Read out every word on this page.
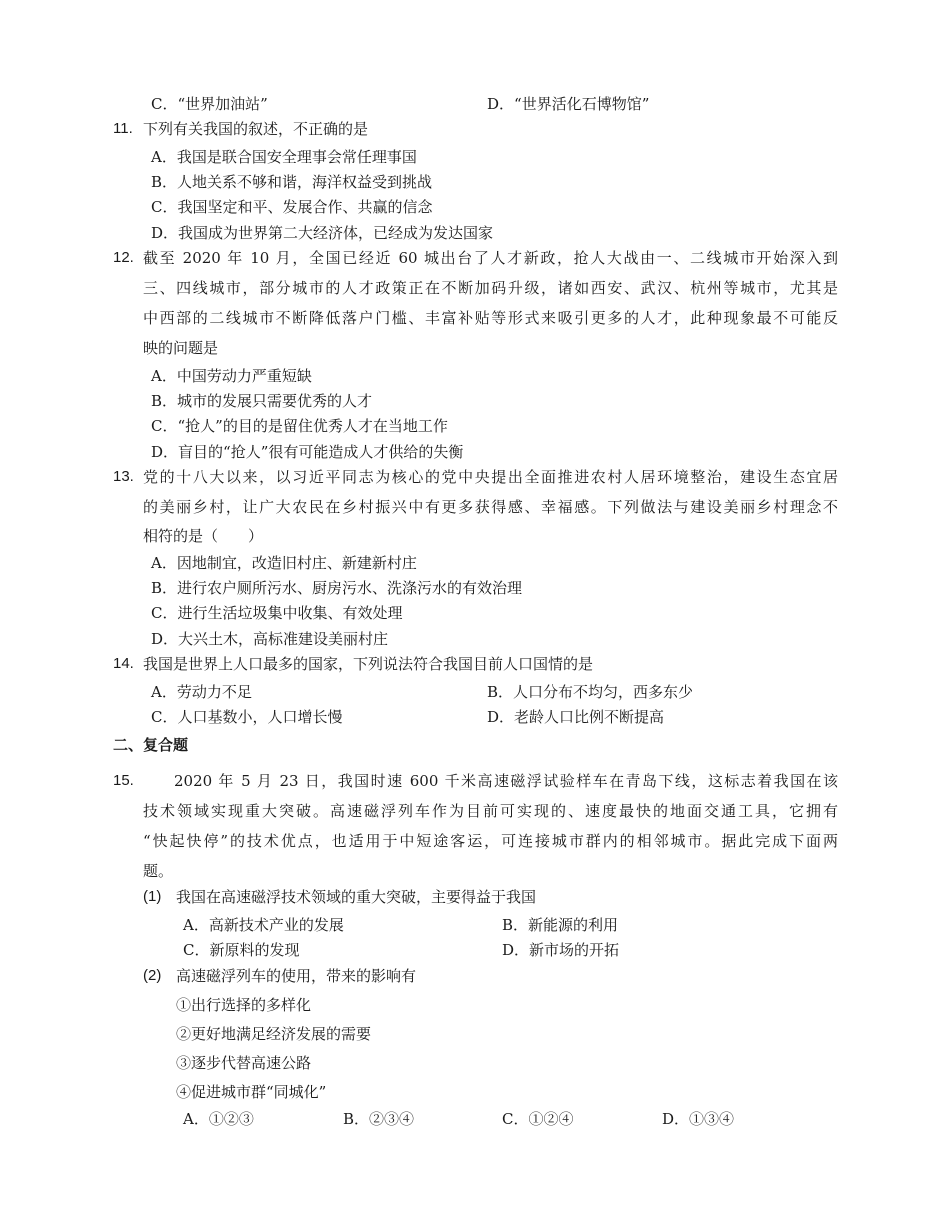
C．“世界加油站”	D．“世界活化石博物馆”
11. 下列有关我国的叙述，不正确的是
A．我国是联合国安全理事会常任理事国
B．人地关系不够和谐，海洋权益受到挑战
C．我国坚定和平、发展合作、共赢的信念
D．我国成为世界第二大经济体，已经成为发达国家
12. 截至 2020 年 10 月，全国已经近 60 城出台了人才新政，抢人大战由一、二线城市开始深入到
三、四线城市，部分城市的人才政策正在不断加码升级，诸如西安、武汉、杭州等城市，尤其是
中西部的二线城市不断降低落户门槛、丰富补贴等形式来吸引更多的人才，此种现象最不可能反
映的问题是
A．中国劳动力严重短缺
B．城市的发展只需要优秀的人才
C．“抢人”的目的是留住优秀人才在当地工作
D．盲目的“抢人”很有可能造成人才供给的失衡
13. 党的十八大以来，以习近平同志为核心的党中央提出全面推进农村人居环境整治，建设生态宜居
的美丽乡村，让广大农民在乡村振兴中有更多获得感、幸福感。下列做法与建设美丽乡村理念不
相符的是（　　）
A．因地制宜，改造旧村庄、新建新村庄
B．进行农户厕所污水、厨房污水、洗涤污水的有效治理
C．进行生活垃圾集中收集、有效处理
D．大兴土木，高标准建设美丽村庄
14. 我国是世界上人口最多的国家，下列说法符合我国目前人口国情的是
A．劳动力不足	B．人口分布不均匀，西多东少
C．人口基数小，人口增长慢	D．老龄人口比例不断提高
二、复合题
15.	2020 年 5 月 23 日，我国时速 600 千米高速磁浮试验样车在青岛下线，这标志着我国在该
技术领域实现重大突破。高速磁浮列车作为目前可实现的、速度最快的地面交通工具，它拥有
“快起快停”的技术优点，也适用于中短途客运，可连接城市群内的相邻城市。据此完成下面两
题。
(1) 我国在高速磁浮技术领域的重大突破，主要得益于我国
A．高新技术产业的发展	B．新能源的利用
C．新原料的发现	D．新市场的开拓
(2) 高速磁浮列车的使用，带来的影响有
①出行选择的多样化
②更好地满足经济发展的需要
③逐步代替高速公路
④促进城市群“同城化”
A．①②③	B．②③④	C．①②④	D．①③④
